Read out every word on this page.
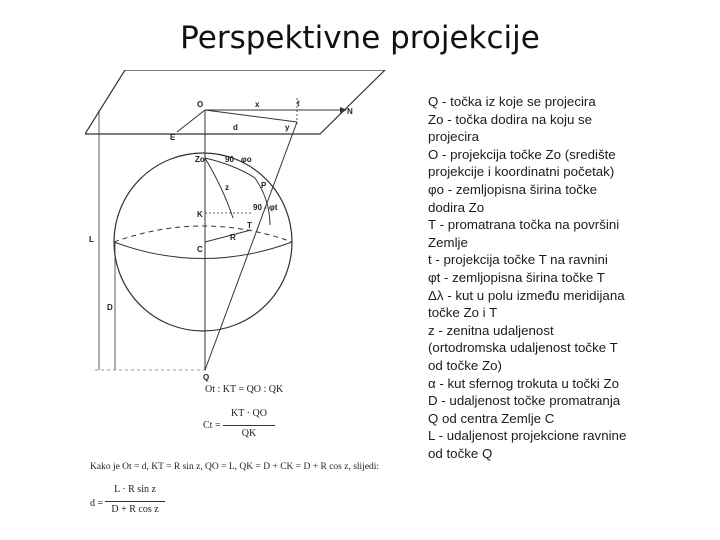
Perspektivne projekcije
O	x	t
N
E
d	y
Zo	90 - φo
z	P
90 - φt
T
K
R
C
L
D
Q
Ot : KT = QO : QK
Ct =
KT · QO
QK
Kako je Ot = d, KT = R sin z, QO = L, QK = D + CK = D + R cos z, slijedi:
d =
L · R sin z
D + R cos z
Q - točka iz koje se projecira
Zo - točka dodira na koju se
projecira
O - projekcija točke Zo (središte
projekcije i koordinatni početak)
φo - zemljopisna širina točke
dodira Zo
T - promatrana točka na površini
Zemlje
t - projekcija točke T na ravnini
φt - zemljopisna širina točke T
Δλ - kut u polu između meridijana
točke Zo i T
z - zenitna udaljenost
(ortodromska udaljenost točke T
od točke Zo)
α - kut sfernog trokuta u točki Zo
D - udaljenost točke promatranja
Q od centra Zemlje C
L - udaljenost projekcione ravnine
od točke Q
